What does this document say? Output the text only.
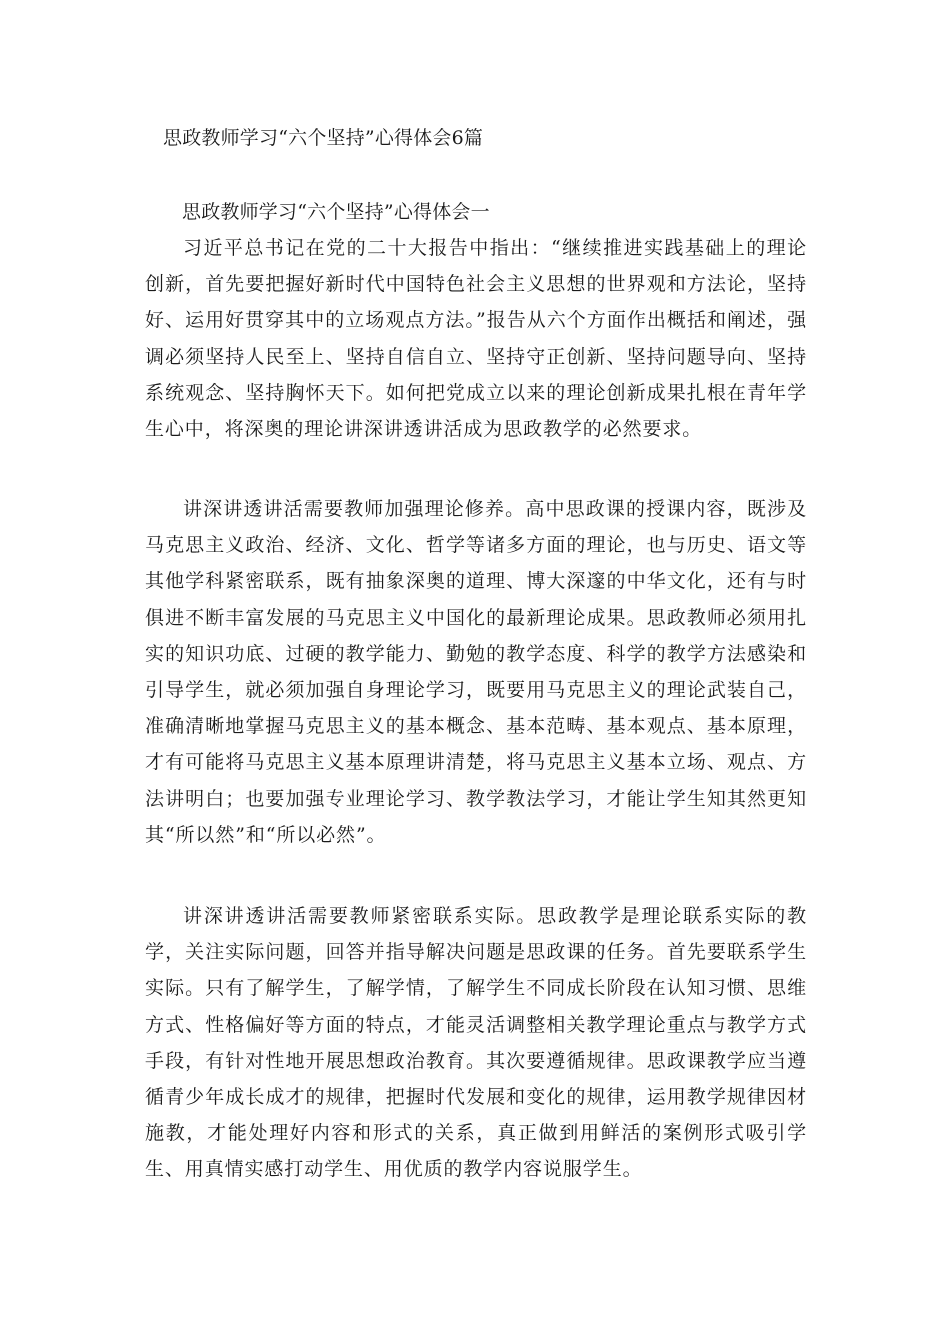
思政教师学习“六个坚持”心得体会6篇
思政教师学习“六个坚持”心得体会一

习近平总书记在党的二十大报告中指出：“继续推进实践基础上的理论创新，首先要把握好新时代中国特色社会主义思想的世界观和方法论，坚持好、运用好贯穿其中的立场观点方法。”报告从六个方面作出概括和阐述，强调必须坚持人民至上、坚持自信自立、坚持守正创新、坚持问题导向、坚持系统观念、坚持胸怀天下。如何把党成立以来的理论创新成果扎根在青年学生心中，将深奥的理论讲深讲透讲活成为思政教学的必然要求。

讲深讲透讲活需要教师加强理论修养。高中思政课的授课内容，既涉及马克思主义政治、经济、文化、哲学等诸多方面的理论，也与历史、语文等其他学科紧密联系，既有抽象深奥的道理、博大深邃的中华文化，还有与时俱进不断丰富发展的马克思主义中国化的最新理论成果。思政教师必须用扎实的知识功底、过硬的教学能力、勤勉的教学态度、科学的教学方法感染和引导学生，就必须加强自身理论学习，既要用马克思主义的理论武装自己，准确清晰地掌握马克思主义的基本概念、基本范畴、基本观点、基本原理，才有可能将马克思主义基本原理讲清楚，将马克思主义基本立场、观点、方法讲明白；也要加强专业理论学习、教学教法学习，才能让学生知其然更知其“所以然”和“所以必然”。

讲深讲透讲活需要教师紧密联系实际。思政教学是理论联系实际的教学，关注实际问题，回答并指导解决问题是思政课的任务。首先要联系学生实际。只有了解学生，了解学情，了解学生不同成长阶段在认知习惯、思维方式、性格偏好等方面的特点，才能灵活调整相关教学理论重点与教学方式手段，有针对性地开展思想政治教育。其次要遵循规律。思政课教学应当遵循青少年成长成才的规律，把握时代发展和变化的规律，运用教学规律因材施教，才能处理好内容和形式的关系，真正做到用鲜活的案例形式吸引学生、用真情实感打动学生、用优质的教学内容说服学生。
